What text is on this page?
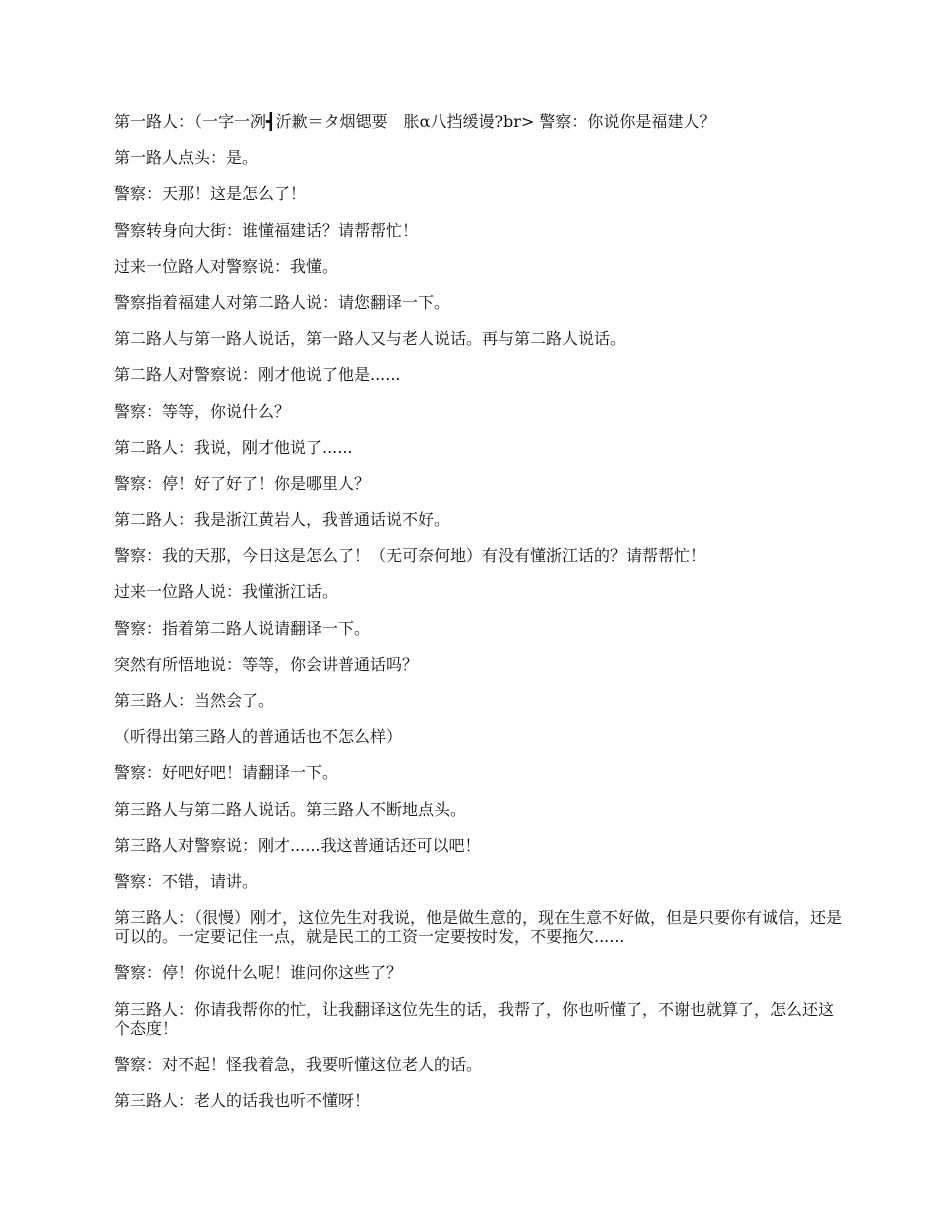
第一路人：（一字一冽┫沂歉＝タ烟锶要　胀α八挡缓谩?br> 警察：你说你是福建人？

第一路人点头：是。

警察：天那！这是怎么了！

警察转身向大街：谁懂福建话？请帮帮忙！

过来一位路人对警察说：我懂。

警察指着福建人对第二路人说：请您翻译一下。

第二路人与第一路人说话，第一路人又与老人说话。再与第二路人说话。

第二路人对警察说：刚才他说了他是......

警察：等等，你说什么？

第二路人：我说，刚才他说了......

警察：停！好了好了！你是哪里人？

第二路人：我是浙江黄岩人，我普通话说不好。

警察：我的天那，今日这是怎么了！（无可奈何地）有没有懂浙江话的？请帮帮忙！

过来一位路人说：我懂浙江话。

警察：指着第二路人说请翻译一下。

突然有所悟地说：等等，你会讲普通话吗？

第三路人：当然会了。

（听得出第三路人的普通话也不怎么样）

警察：好吧好吧！请翻译一下。

第三路人与第二路人说话。第三路人不断地点头。

第三路人对警察说：刚才......我这普通话还可以吧！

警察：不错，请讲。

第三路人：（很慢）刚才，这位先生对我说，他是做生意的，现在生意不好做，但是只要你有诚信，还是可以的。一定要记住一点，就是民工的工资一定要按时发，不要拖欠......

警察：停！你说什么呢！谁问你这些了？

第三路人：你请我帮你的忙，让我翻译这位先生的话，我帮了，你也听懂了，不谢也就算了，怎么还这个态度！

警察：对不起！怪我着急，我要听懂这位老人的话。

第三路人：老人的话我也听不懂呀！
